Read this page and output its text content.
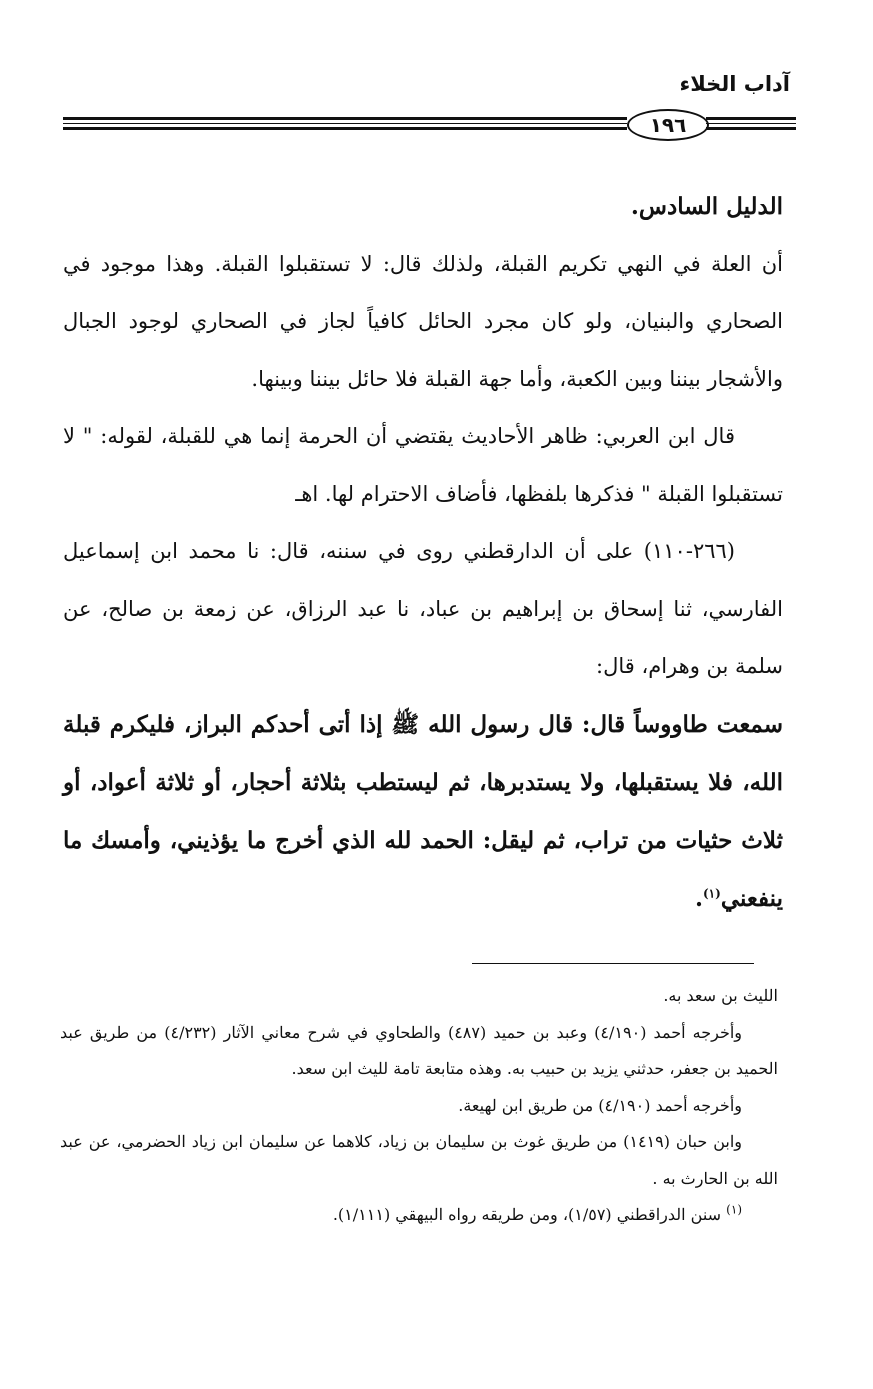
آداب الخلاء
١٩٦

الدليل السادس.

أن العلة في النهي تكريم القبلة، ولذلك قال: لا تستقبلوا القبلة. وهذا موجود في الصحاري والبنيان، ولو كان مجرد الحائل كافياً لجاز في الصحاري لوجود الجبال والأشجار بيننا وبين الكعبة، وأما جهة القبلة فلا حائل بيننا وبينها.

قال ابن العربي: ظاهر الأحاديث يقتضي أن الحرمة إنما هي للقبلة، لقوله: " لا تستقبلوا القبلة " فذكرها بلفظها، فأضاف الاحترام لها. اهـ

(٢٦٦-١١٠) على أن الدارقطني روى في سننه، قال: نا محمد ابن إسماعيل الفارسي، ثنا إسحاق بن إبراهيم بن عباد، نا عبد الرزاق، عن زمعة بن صالح، عن سلمة بن وهرام، قال:

سمعت طاووساً قال: قال رسول الله ﷺ إذا أتى أحدكم البراز، فليكرم قبلة الله، فلا يستقبلها، ولا يستدبرها، ثم ليستطب بثلاثة أحجار، أو ثلاثة أعواد، أو ثلاث حثيات من تراب، ثم ليقل: الحمد لله الذي أخرج ما يؤذيني، وأمسك ما ينفعني$^{(١)}$.

الليث بن سعد به.

وأخرجه أحمد (٤/١٩٠) وعبد بن حميد (٤٨٧) والطحاوي في شرح معاني الآثار (٤/٢٣٢) من طريق عبد الحميد بن جعفر، حدثني يزيد بن حبيب به. وهذه متابعة تامة لليث ابن سعد.

وأخرجه أحمد (٤/١٩٠) من طريق ابن لهيعة.

وابن حبان (١٤١٩) من طريق غوث بن سليمان بن زياد، كلاهما عن سليمان ابن زياد الحضرمي، عن عبد الله بن الحارث به .

$^{(١)}$ سنن الدراقطني (١/٥٧)، ومن طريقه رواه البيهقي (١/١١١).
